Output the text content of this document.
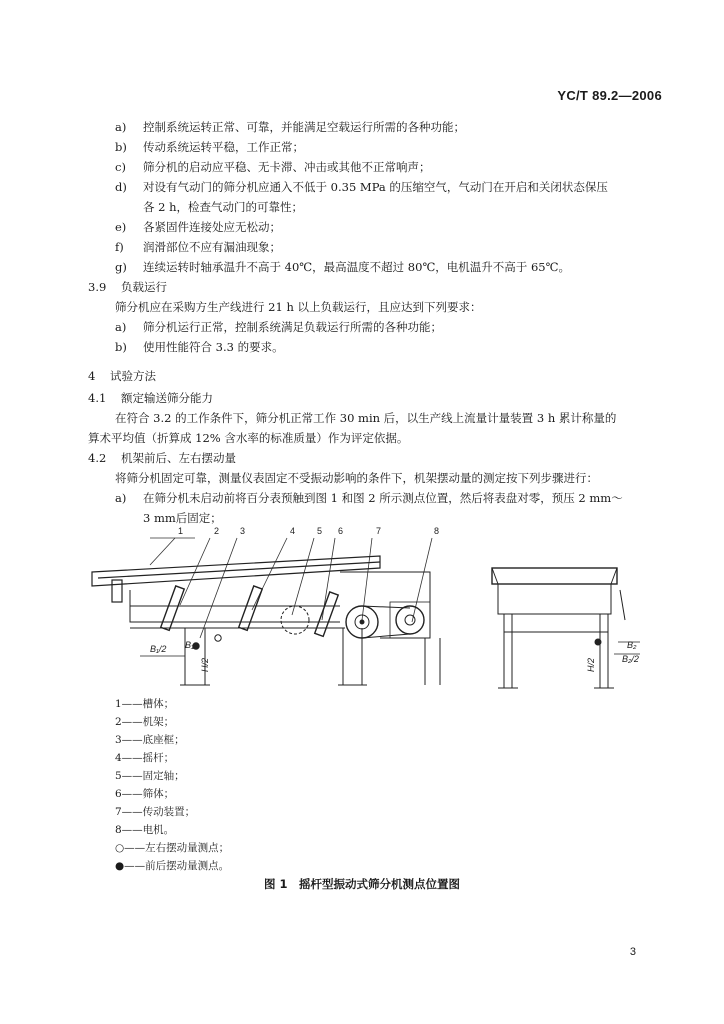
YC/T 89.2—2006
a) 控制系统运转正常、可靠，并能满足空载运行所需的各种功能；
b) 传动系统运转平稳，工作正常；
c) 筛分机的启动应平稳、无卡滞、冲击或其他不正常响声；
d) 对设有气动门的筛分机应通入不低于 0.35 MPa 的压缩空气，气动门在开启和关闭状态保压
各 2 h，检查气动门的可靠性；
e) 各紧固件连接处应无松动；
f) 润滑部位不应有漏油现象；
g) 连续运转时轴承温升不高于 40℃，最高温度不超过 80℃，电机温升不高于 65℃。
3.9 负载运行
筛分机应在采购方生产线进行 21 h 以上负载运行，且应达到下列要求：
a) 筛分机运行正常，控制系统满足负载运行所需的各种功能；
b) 使用性能符合 3.3 的要求。
4 试验方法
4.1 额定输送筛分能力
在符合 3.2 的工作条件下，筛分机正常工作 30 min 后，以生产线上流量计量装置 3 h 累计称量的
算术平均值（折算成 12% 含水率的标准质量）作为评定依据。
4.2 机架前后、左右摆动量
将筛分机固定可靠，测量仪表固定不受振动影响的条件下，机架摆动量的测定按下列步骤进行：
a) 在筛分机未启动前将百分表预触到图 1 和图 2 所示测点位置，然后将表盘对零，预压 2 mm～
3 mm后固定；
1	2 3	4 5 6	7	8
B₁/2 B₁
H/2
B₂
B₂/2
H/2
1——槽体；
2——机架；
3——底座框；
4——摇杆；
5——固定轴；
6——筛体；
7——传动装置；
8——电机。
○——左右摆动量测点；
●——前后摆动量测点。
图 1　摇杆型振动式筛分机测点位置图
3
